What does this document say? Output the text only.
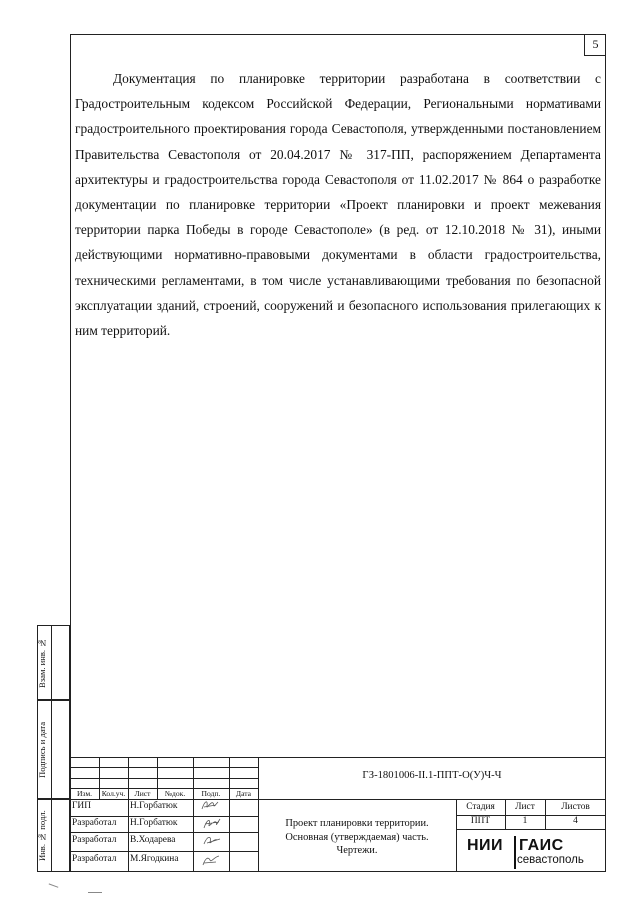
5

Документация по планировке территории разработана в соответствии с Градостроительным кодексом Российской Федерации, Региональными нормативами градостроительного проектирования города Севастополя, утвержденными постановлением Правительства Севастополя от 20.04.2017 № 317-ПП, распоряжением Департамента архитектуры и градостроительства города Севастополя от 11.02.2017 № 864 о разработке документации по планировке территории «Проект планировки и проект межевания территории парка Победы в городе Севастополе» (в ред. от 12.10.2018 № 31), иными действующими нормативно-правовыми документами в области градостроительства, техническими регламентами, в том числе устанавливающими требования по безопасной эксплуатации зданий, строений, сооружений и безопасного использования прилегающих к ним территорий.

Взам. инв. №
Подпись и дата
Инв. № подл.
Изм.	Кол.уч.	Лист	№док.	Подп.	Дата
ГИП	Н.Горбатюк
Разработал Н.Горбатюк
Разработал В.Ходарева
Разработал М.Ягодкина
ГЗ-1801006-II.1-ППТ-О(У)Ч-Ч
Проект планировки территории.
Основная (утверждаемая) часть.
Чертежи.
Стадия	Лист	Листов
ППТ	1	4
НИИ ГАИС
севастополь
